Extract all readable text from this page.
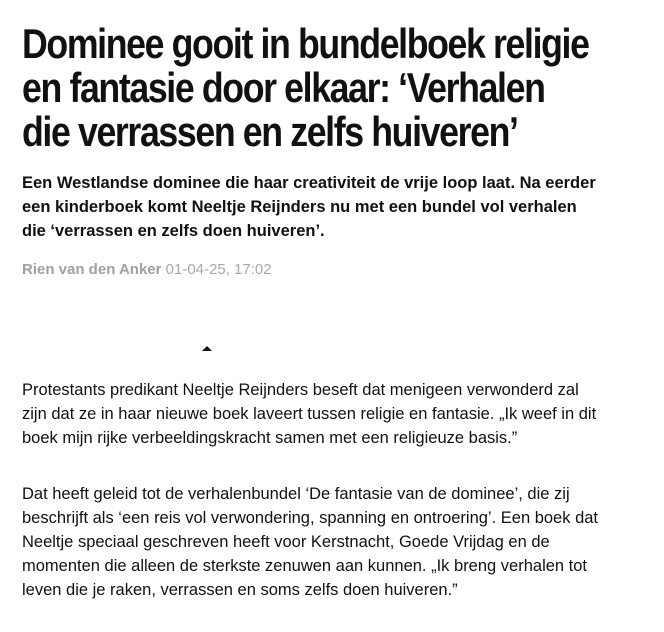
Dominee gooit in bundelboek religie
en fantasie door elkaar: ‘Verhalen
die verrassen en zelfs huiveren’

Een Westlandse dominee die haar creativiteit de vrije loop laat. Na eerder
een kinderboek komt Neeltje Reijnders nu met een bundel vol verhalen
die ‘verrassen en zelfs doen huiveren’.

Rien van den Anker 01-04-25, 17:02

Protestants predikant Neeltje Reijnders beseft dat menigeen verwonderd zal
zijn dat ze in haar nieuwe boek laveert tussen religie en fantasie. „Ik weef in dit
boek mijn rijke verbeeldingskracht samen met een religieuze basis.”

Dat heeft geleid tot de verhalenbundel ‘De fantasie van de dominee’, die zij
beschrijft als ‘een reis vol verwondering, spanning en ontroering’. Een boek dat
Neeltje speciaal geschreven heeft voor Kerstnacht, Goede Vrijdag en de
momenten die alleen de sterkste zenuwen aan kunnen. „Ik breng verhalen tot
leven die je raken, verrassen en soms zelfs doen huiveren.”
